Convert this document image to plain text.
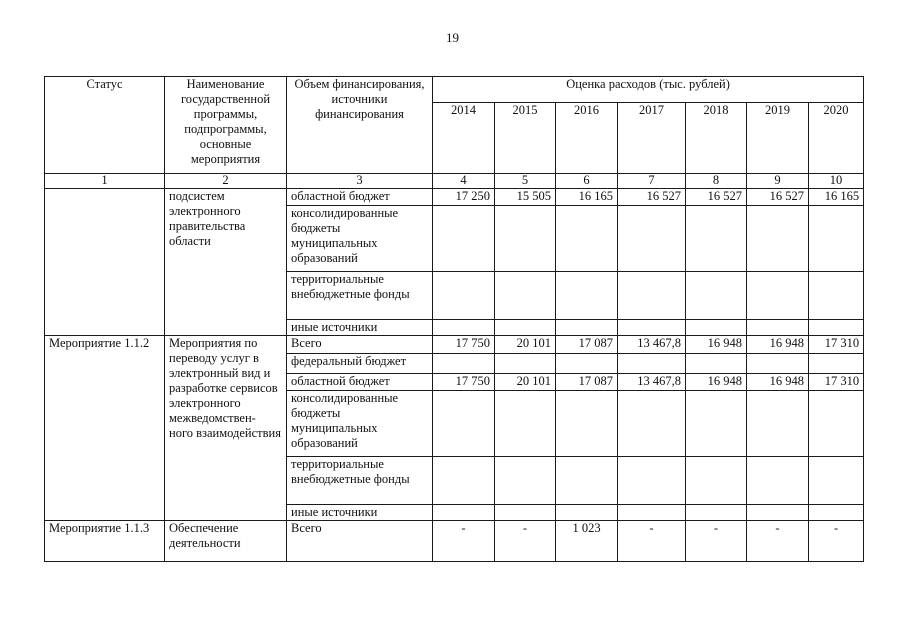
19
Статус	Наименование государственной программы, подпрограммы, основные мероприятия	Объем финансирования, источники финансирования	Оценка расходов (тыс. рублей)						
			2014	2015	2016	2017	2018	2019	2020
1	2	3	4	5	6	7	8	9	10
	подсистем электронного правительства области	областной бюджет	17 250	15 505	16 165	16 527	16 527	16 527	16 165
		консолидированные бюджеты муниципальных образований							
		территориальные внебюджетные фонды							
		иные источники							
Мероприятие 1.1.2	Мероприятия по переводу услуг в электронный вид и разработке сервисов электронного межведомствен- ного взаимодействия	Всего	17 750	20 101	17 087	13 467,8	16 948	16 948	17 310
		федеральный бюджет							
		областной бюджет	17 750	20 101	17 087	13 467,8	16 948	16 948	17 310
		консолидированные бюджеты муниципальных образований							
		территориальные внебюджетные фонды							
		иные источники							
Мероприятие 1.1.3	Обеспечение деятельности	Всего	-	-	1 023	-	-	-	-
